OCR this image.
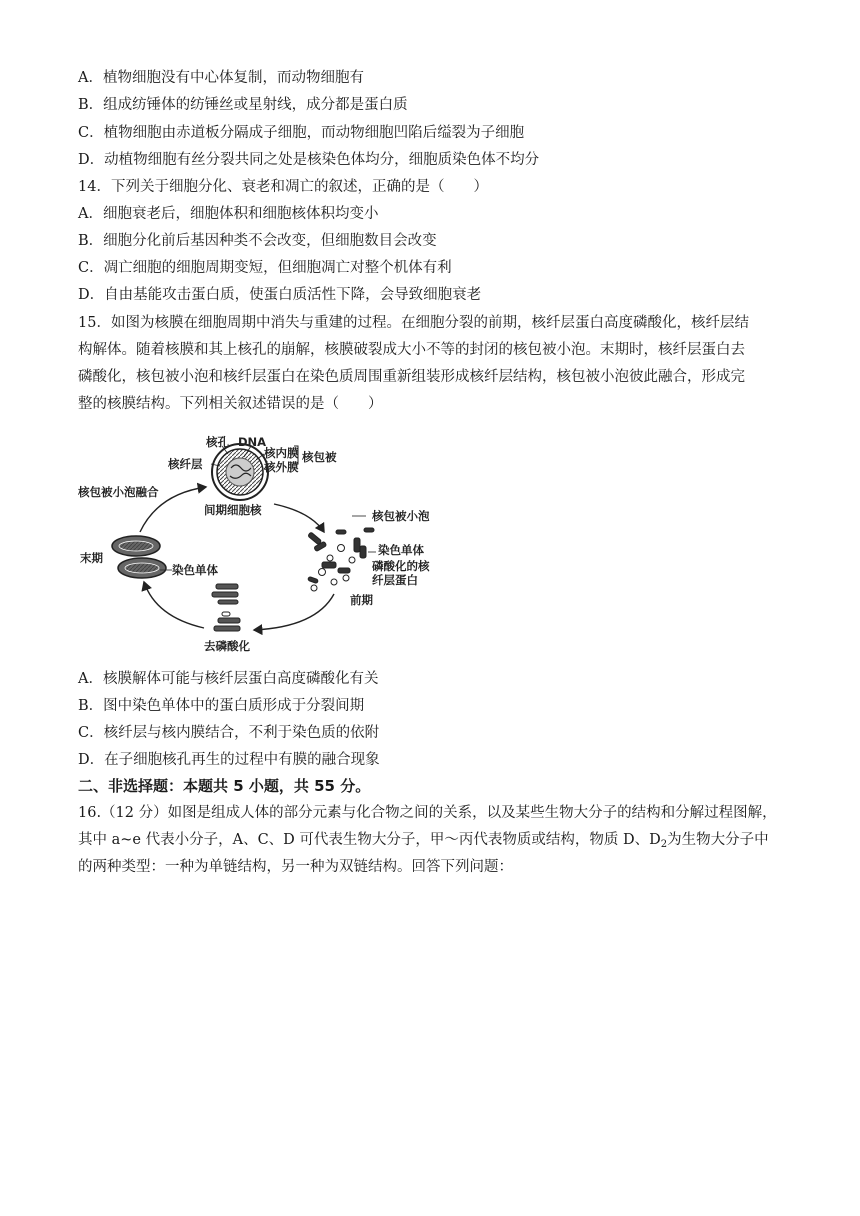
A．植物细胞没有中心体复制，而动物细胞有
B．组成纺锤体的纺锤丝或星射线，成分都是蛋白质
C．植物细胞由赤道板分隔成子细胞，而动物细胞凹陷后缢裂为子细胞
D．动植物细胞有丝分裂共同之处是核染色体均分，细胞质染色体不均分
14．下列关于细胞分化、衰老和凋亡的叙述，正确的是（　　）
A．细胞衰老后，细胞体积和细胞核体积均变小
B．细胞分化前后基因种类不会改变，但细胞数目会改变
C．凋亡细胞的细胞周期变短，但细胞凋亡对整个机体有利
D．自由基能攻击蛋白质，使蛋白质活性下降，会导致细胞衰老
15．如图为核膜在细胞周期中消失与重建的过程。在细胞分裂的前期，核纤层蛋白高度磷酸化，核纤层结
构解体。随着核膜和其上核孔的崩解，核膜破裂成大小不等的封闭的核包被小泡。末期时，核纤层蛋白去
磷酸化，核包被小泡和核纤层蛋白在染色质周围重新组装形成核纤层结构，核包被小泡彼此融合，形成完
整的核膜结构。下列相关叙述错误的是（　　）
核孔 DNA
核纤层
核内膜
核外膜
核包被
间期细胞核
核包被小泡融合
核包被小泡
染色单体
磷酸化的核
纤层蛋白
前期
末期
染色单体
去磷酸化
A．核膜解体可能与核纤层蛋白高度磷酸化有关
B．图中染色单体中的蛋白质形成于分裂间期
C．核纤层与核内膜结合，不利于染色质的依附
D．在子细胞核孔再生的过程中有膜的融合现象
二、非选择题：本题共 5 小题，共 55 分。
16.（12 分）如图是组成人体的部分元素与化合物之间的关系，以及某些生物大分子的结构和分解过程图解，
其中 a~e 代表小分子，A、C、D 可代表生物大分子，甲～丙代表物质或结构，物质 D、$D_2$为生物大分子中
的两种类型：一种为单链结构，另一种为双链结构。回答下列问题：
